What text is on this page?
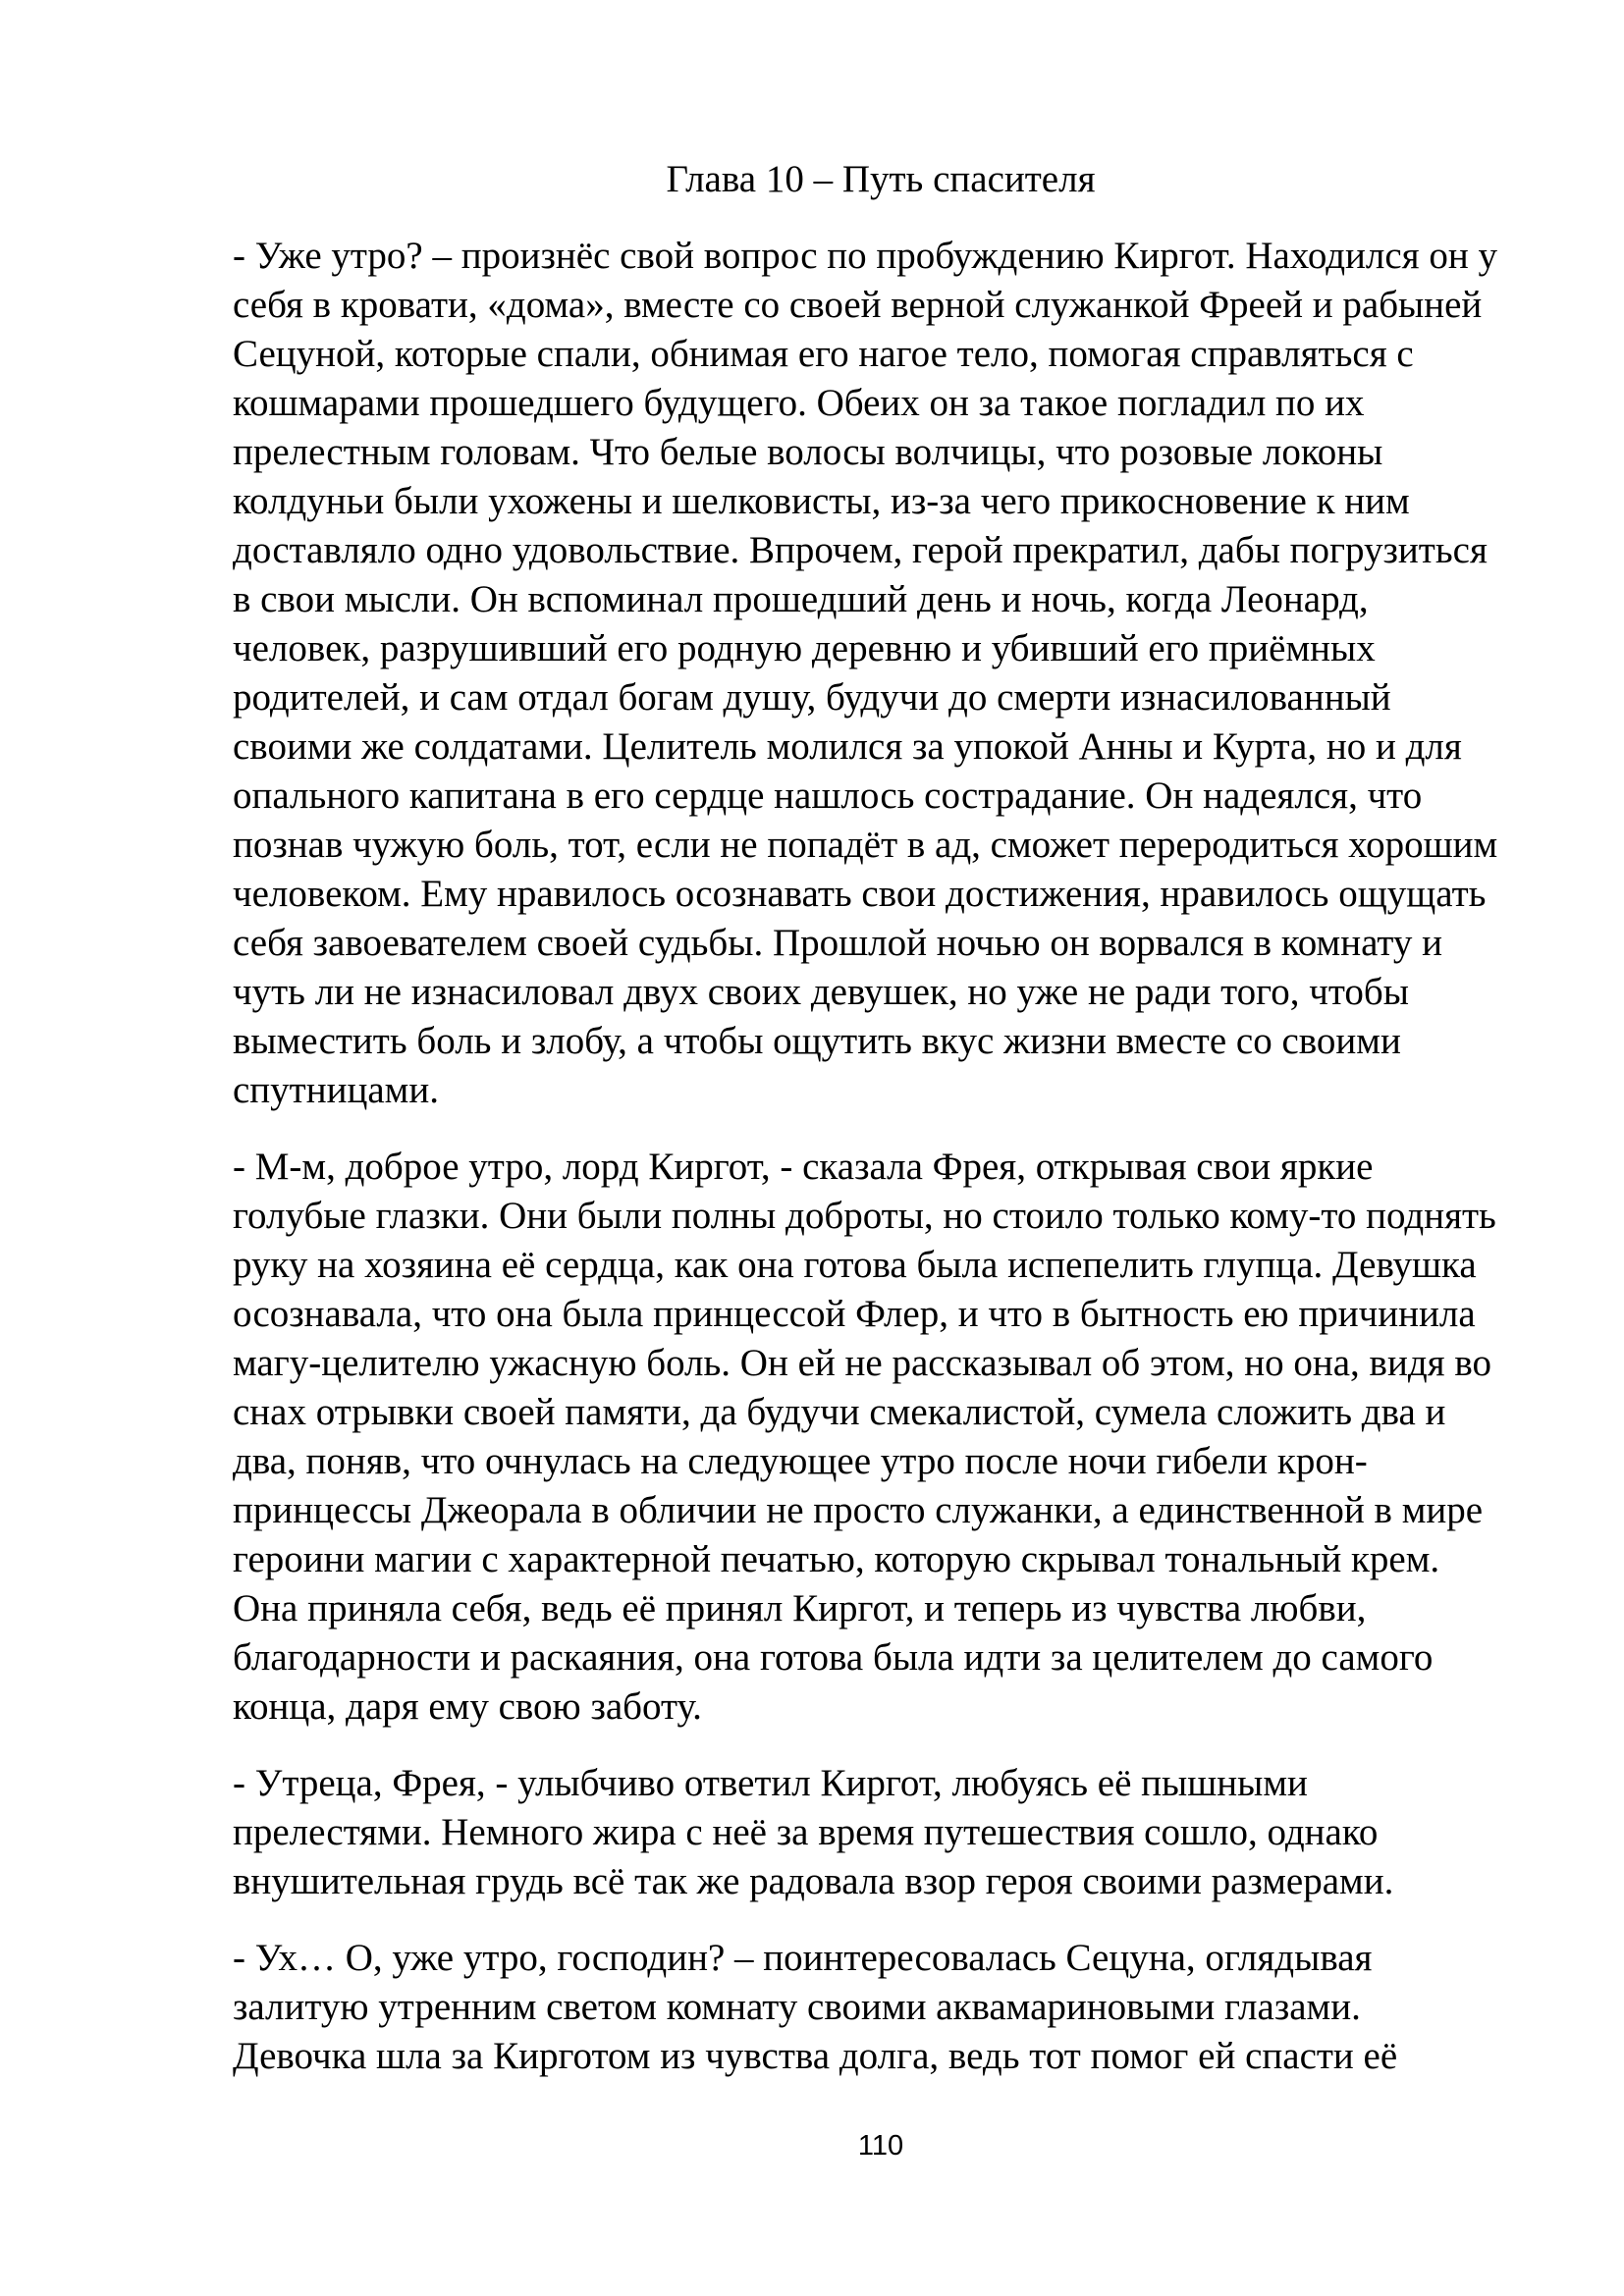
Глава 10 – Путь спасителя

- Уже утро? – произнёс свой вопрос по пробуждению Киргот. Находился он у
себя в кровати, «дома», вместе со своей верной служанкой Фреей и рабыней
Сецуной, которые спали, обнимая его нагое тело, помогая справляться с
кошмарами прошедшего будущего. Обеих он за такое погладил по их
прелестным головам. Что белые волосы волчицы, что розовые локоны
колдуньи были ухожены и шелковисты, из-за чего прикосновение к ним
доставляло одно удовольствие. Впрочем, герой прекратил, дабы погрузиться
в свои мысли. Он вспоминал прошедший день и ночь, когда Леонард,
человек, разрушивший его родную деревню и убивший его приёмных
родителей, и сам отдал богам душу, будучи до смерти изнасилованный
своими же солдатами. Целитель молился за упокой Анны и Курта, но и для
опального капитана в его сердце нашлось сострадание. Он надеялся, что
познав чужую боль, тот, если не попадёт в ад, сможет переродиться хорошим
человеком. Ему нравилось осознавать свои достижения, нравилось ощущать
себя завоевателем своей судьбы. Прошлой ночью он ворвался в комнату и
чуть ли не изнасиловал двух своих девушек, но уже не ради того, чтобы
выместить боль и злобу, а чтобы ощутить вкус жизни вместе со своими
спутницами.

- М-м, доброе утро, лорд Киргот, - сказала Фрея, открывая свои яркие
голубые глазки. Они были полны доброты, но стоило только кому-то поднять
руку на хозяина её сердца, как она готова была испепелить глупца. Девушка
осознавала, что она была принцессой Флер, и что в бытность ею причинила
магу-целителю ужасную боль. Он ей не рассказывал об этом, но она, видя во
снах отрывки своей памяти, да будучи смекалистой, сумела сложить два и
два, поняв, что очнулась на следующее утро после ночи гибели крон-
принцессы Джеорала в обличии не просто служанки, а единственной в мире
героини магии с характерной печатью, которую скрывал тональный крем.
Она приняла себя, ведь её принял Киргот, и теперь из чувства любви,
благодарности и раскаяния, она готова была идти за целителем до самого
конца, даря ему свою заботу.

- Утреца, Фрея, - улыбчиво ответил Киргот, любуясь её пышными
прелестями. Немного жира с неё за время путешествия сошло, однако
внушительная грудь всё так же радовала взор героя своими размерами.

- Ух… О, уже утро, господин? – поинтересовалась Сецуна, оглядывая
залитую утренним светом комнату своими аквамариновыми глазами.
Девочка шла за Кирготом из чувства долга, ведь тот помог ей спасти её

110
